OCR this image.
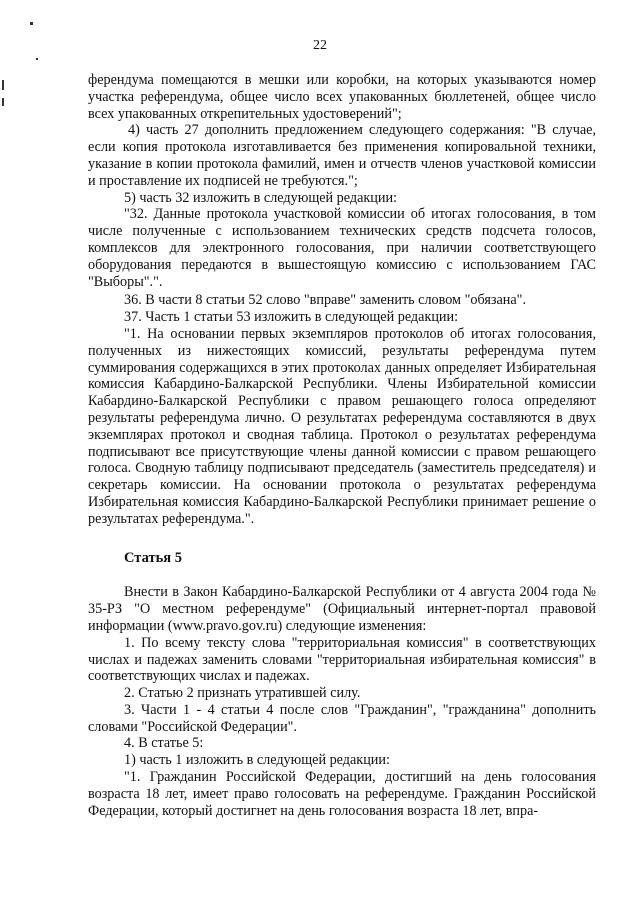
22

ферендума помещаются в мешки или коробки, на которых указываются номер участка референдума, общее число всех упакованных бюллетеней, общее число всех упакованных открепительных удостоверений";

4) часть 27 дополнить предложением следующего содержания: "В случае, если копия протокола изготавливается без применения копировальной техники, указание в копии протокола фамилий, имен и отчеств членов участковой комиссии и проставление их подписей не требуются.";

5) часть 32 изложить в следующей редакции:

"32. Данные протокола участковой комиссии об итогах голосования, в том числе полученные с использованием технических средств подсчета голосов, комплексов для электронного голосования, при наличии соответствующего оборудования передаются в вышестоящую комиссию с использованием ГАС "Выборы".".

36. В части 8 статьи 52 слово "вправе" заменить словом "обязана".

37. Часть 1 статьи 53 изложить в следующей редакции:

"1. На основании первых экземпляров протоколов об итогах голосования, полученных из нижестоящих комиссий, результаты референдума путем суммирования содержащихся в этих протоколах данных определяет Избирательная комиссия Кабардино-Балкарской Республики. Члены Избирательной комиссии Кабардино-Балкарской Республики с правом решающего голоса определяют результаты референдума лично. О результатах референдума составляются в двух экземплярах протокол и сводная таблица. Протокол о результатах референдума подписывают все присутствующие члены данной комиссии с правом решающего голоса. Сводную таблицу подписывают председатель (заместитель председателя) и секретарь комиссии. На основании протокола о результатах референдума Избирательная комиссия Кабардино-Балкарской Республики принимает решение о результатах референдума.".

Статья 5

Внести в Закон Кабардино-Балкарской Республики от 4 августа 2004 года № 35-РЗ "О местном референдуме" (Официальный интернет-портал правовой информации (www.pravo.gov.ru) следующие изменения:

1. По всему тексту слова "территориальная комиссия" в соответствующих числах и падежах заменить словами "территориальная избирательная комиссия" в соответствующих числах и падежах.

2. Статью 2 признать утратившей силу.

3. Части 1 - 4 статьи 4 после слов "Гражданин", "гражданина" дополнить словами "Российской Федерации".

4. В статье 5:

1) часть 1 изложить в следующей редакции:

"1. Гражданин Российской Федерации, достигший на день голосования возраста 18 лет, имеет право голосовать на референдуме. Гражданин Российской Федерации, который достигнет на день голосования возраста 18 лет, впра-
